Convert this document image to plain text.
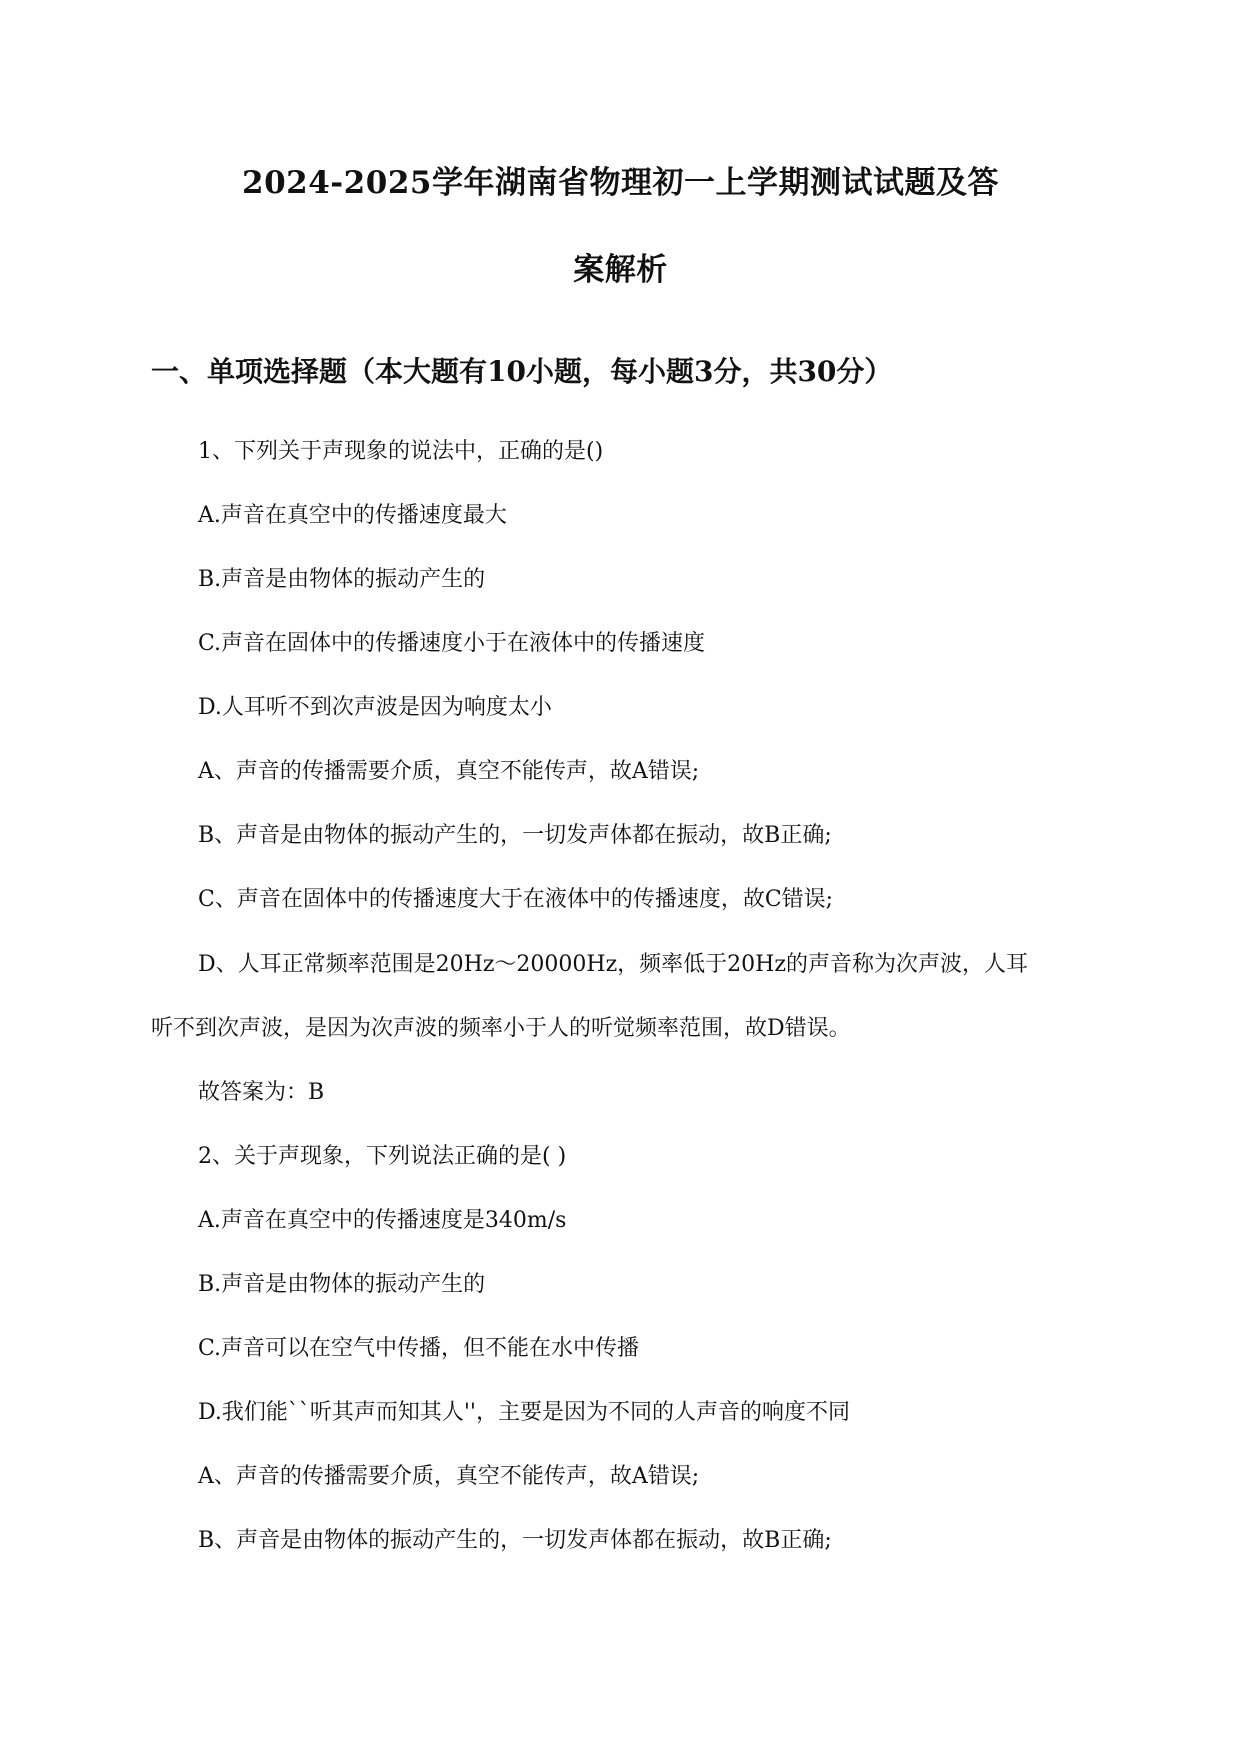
2024-2025学年湖南省物理初一上学期测试试题及答
案解析
一、单项选择题（本大题有10小题，每小题3分，共30分）
1、下列关于声现象的说法中，正确的是()
A.声音在真空中的传播速度最大
B.声音是由物体的振动产生的
C.声音在固体中的传播速度小于在液体中的传播速度
D.人耳听不到次声波是因为响度太小
A、声音的传播需要介质，真空不能传声，故A错误;
B、声音是由物体的振动产生的，一切发声体都在振动，故B正确;
C、声音在固体中的传播速度大于在液体中的传播速度，故C错误;
D、人耳正常频率范围是20Hz～20000Hz，频率低于20Hz的声音称为次声波，人耳
听不到次声波，是因为次声波的频率小于人的听觉频率范围，故D错误。
故答案为：B
2、关于声现象，下列说法正确的是( )
A.声音在真空中的传播速度是340m/s
B.声音是由物体的振动产生的
C.声音可以在空气中传播，但不能在水中传播
D.我们能``听其声而知其人''，主要是因为不同的人声音的响度不同
A、声音的传播需要介质，真空不能传声，故A错误;
B、声音是由物体的振动产生的，一切发声体都在振动，故B正确;
